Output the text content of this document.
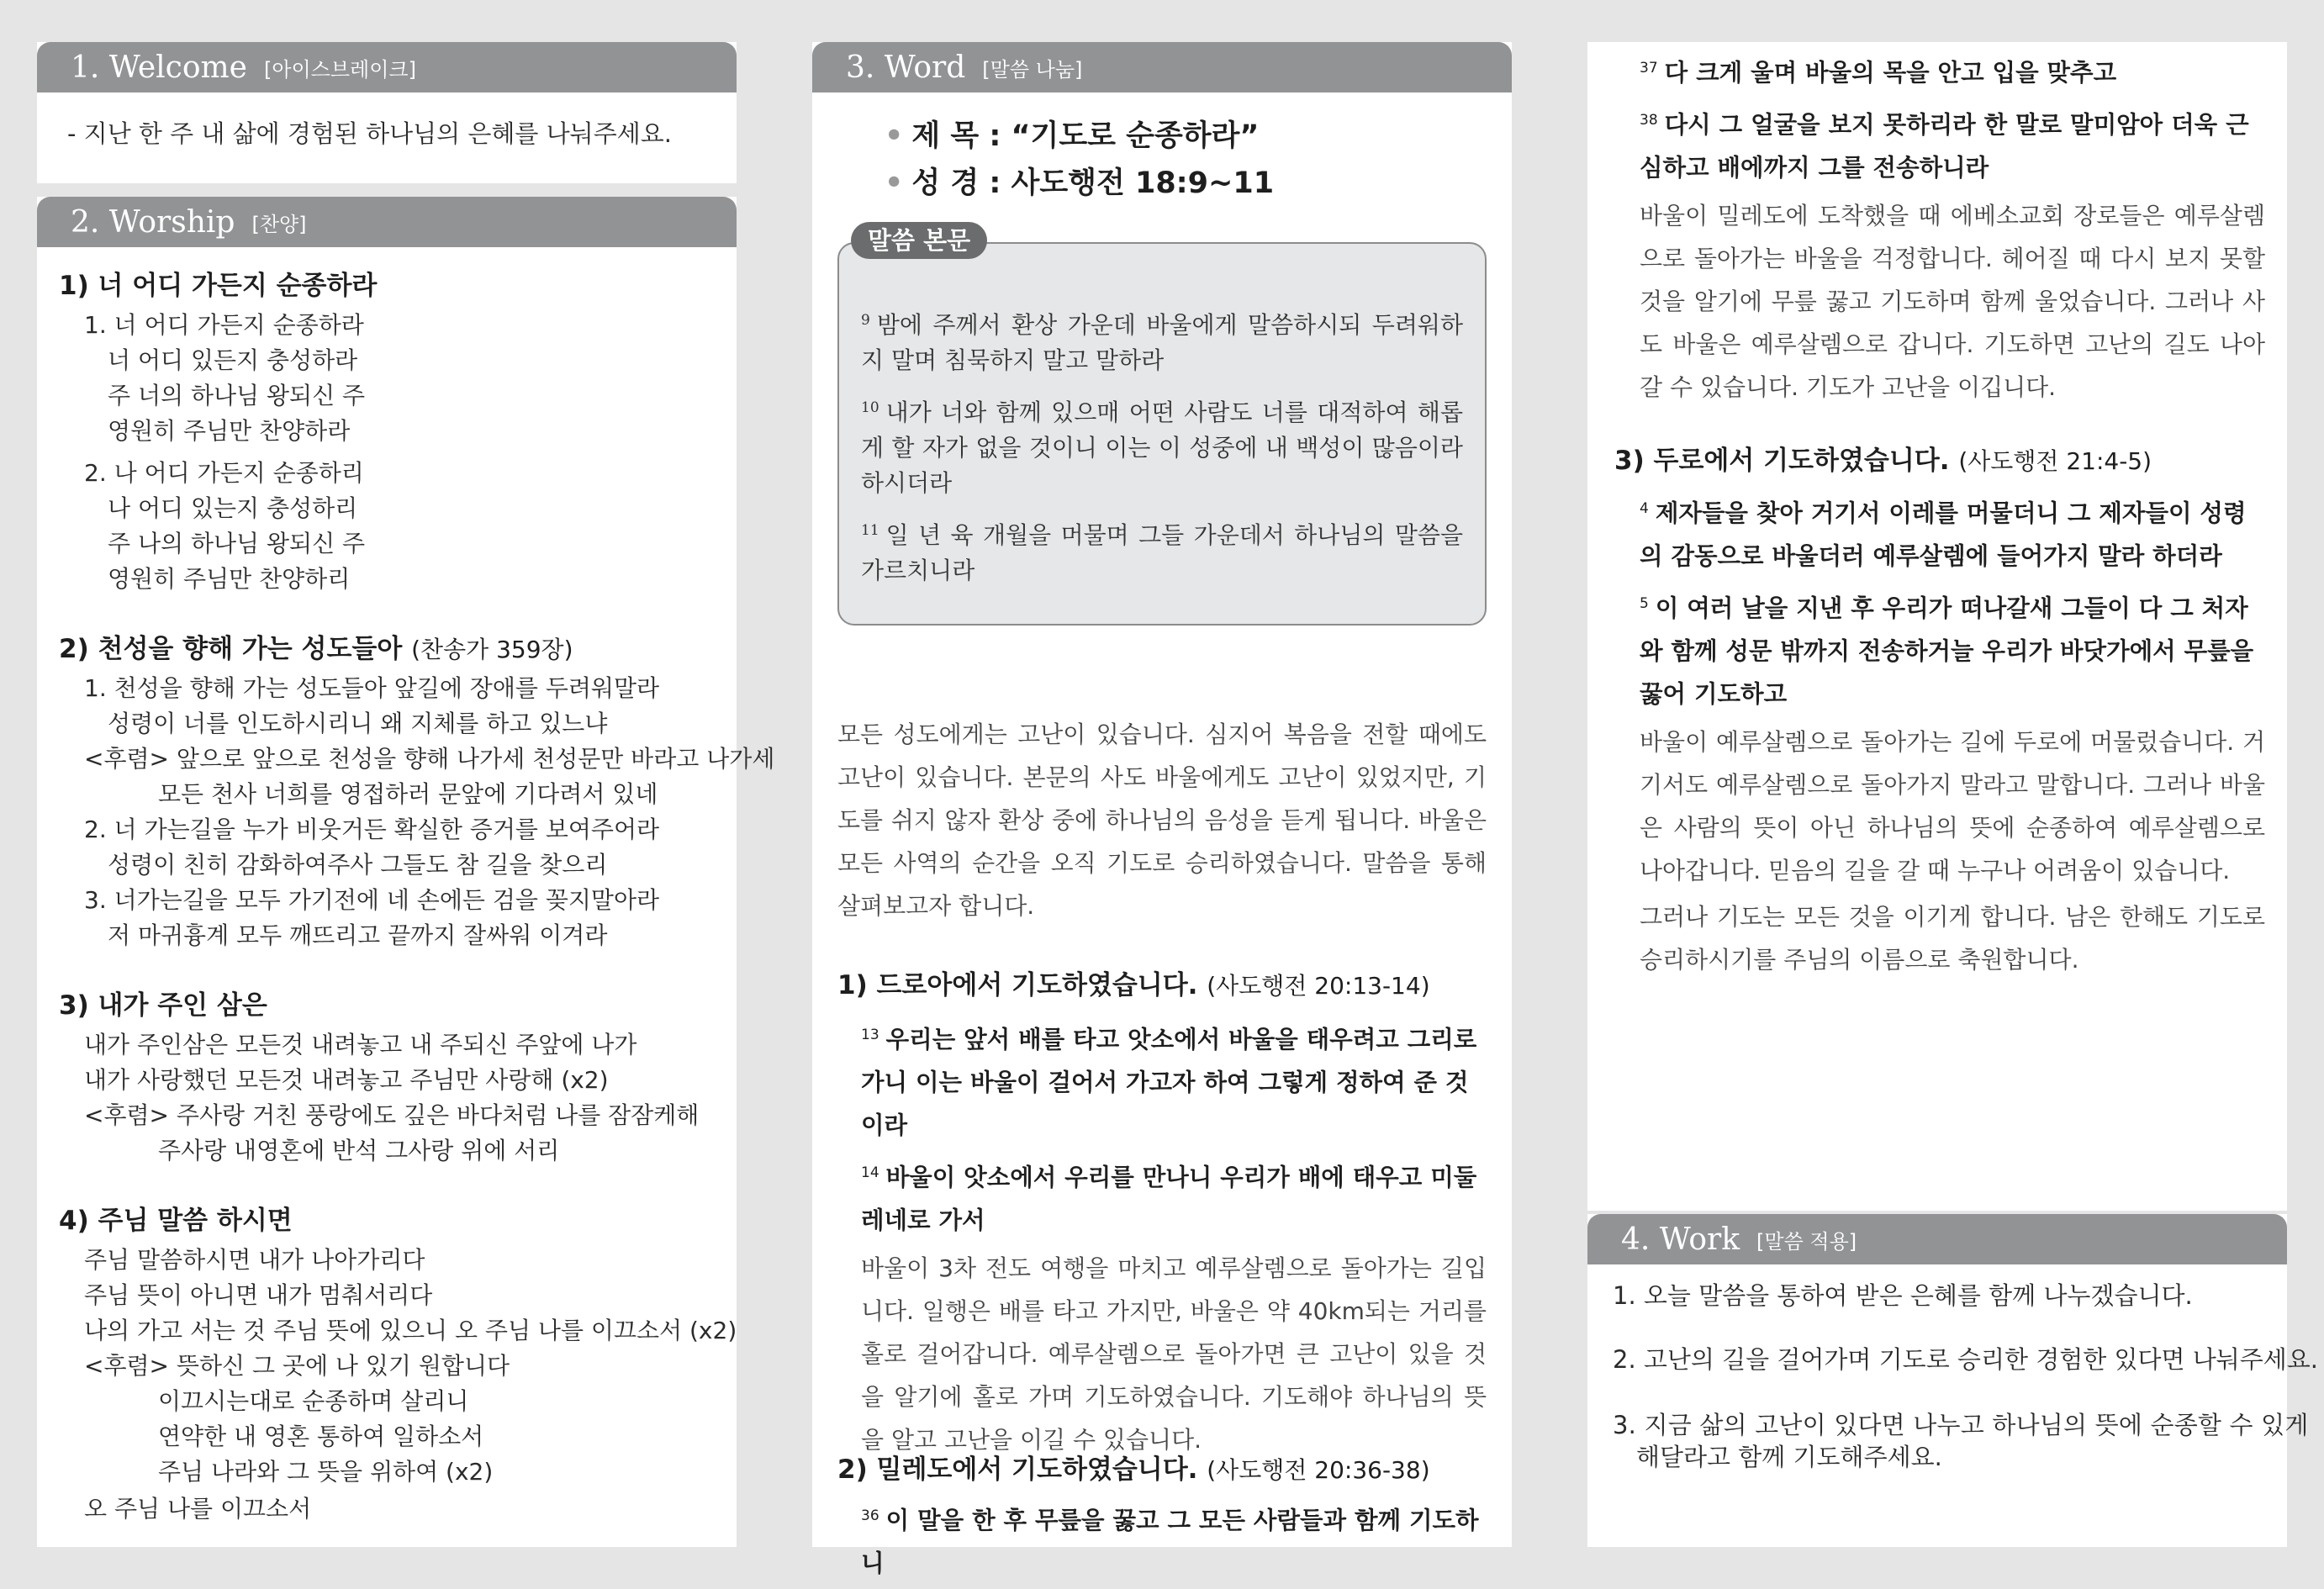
1. Welcome [아이스브레이크]
- 지난 한 주 내 삶에 경험된 하나님의 은혜를 나눠주세요.
2. Worship [찬양]
1) 너 어디 가든지 순종하라
1. 너 어디 가든지 순종하라
너 어디 있든지 충성하라
주 너의 하나님 왕되신 주
영원히 주님만 찬양하라
2. 나 어디 가든지 순종하리
나 어디 있는지 충성하리
주 나의 하나님 왕되신 주
영원히 주님만 찬양하리
2) 천성을 향해 가는 성도들아 (찬송가 359장)
1. 천성을 향해 가는 성도들아 앞길에 장애를 두려워말라
성령이 너를 인도하시리니 왜 지체를 하고 있느냐
<후렴> 앞으로 앞으로 천성을 향해 나가세 천성문만 바라고 나가세
모든 천사 너희를 영접하러 문앞에 기다려서 있네
2. 너 가는길을 누가 비웃거든 확실한 증거를 보여주어라
성령이 친히 감화하여주사 그들도 참 길을 찾으리
3. 너가는길을 모두 가기전에 네 손에든 검을 꽂지말아라
저 마귀흉계 모두 깨뜨리고 끝까지 잘싸워 이겨라
3) 내가 주인 삼은
내가 주인삼은 모든것 내려놓고 내 주되신 주앞에 나가
내가 사랑했던 모든것 내려놓고 주님만 사랑해 (x2)
<후렴> 주사랑 거친 풍랑에도 깊은 바다처럼 나를 잠잠케해
주사랑 내영혼에 반석 그사랑 위에 서리
4) 주님 말씀 하시면
주님 말씀하시면 내가 나아가리다
주님 뜻이 아니면 내가 멈춰서리다
나의 가고 서는 것 주님 뜻에 있으니 오 주님 나를 이끄소서 (x2)
<후렴> 뜻하신 그 곳에 나 있기 원합니다
이끄시는대로 순종하며 살리니
연약한 내 영혼 통하여 일하소서
주님 나라와 그 뜻을 위하여 (x2)
오 주님 나를 이끄소서
3. Word [말씀 나눔]
• 제 목 : “기도로 순종하라”
• 성 경 : 사도행전 18:9~11
말씀 본문

$^9$ 밤에 주께서 환상 가운데 바울에게 말씀하시되 두려워하지 말며 침묵하지 말고 말하라

$^{10}$ 내가 너와 함께 있으매 어떤 사람도 너를 대적하여 해롭게 할 자가 없을 것이니 이는 이 성중에 내 백성이 많음이라 하시더라

$^{11}$ 일 년 육 개월을 머물며 그들 가운데서 하나님의 말씀을 가르치니라

모든 성도에게는 고난이 있습니다. 심지어 복음을 전할 때에도 고난이 있습니다. 본문의 사도 바울에게도 고난이 있었지만, 기도를 쉬지 않자 환상 중에 하나님의 음성을 듣게 됩니다. 바울은 모든 사역의 순간을 오직 기도로 승리하였습니다. 말씀을 통해 살펴보고자 합니다.

1) 드로아에서 기도하였습니다. (사도행전 20:13-14)

$^{13}$ 우리는 앞서 배를 타고 앗소에서 바울을 태우려고 그리로 가니 이는 바울이 걸어서 가고자 하여 그렇게 정하여 준 것이라

$^{14}$ 바울이 앗소에서 우리를 만나니 우리가 배에 태우고 미둘레네로 가서

바울이 3차 전도 여행을 마치고 예루살렘으로 돌아가는 길입니다. 일행은 배를 타고 가지만, 바울은 약 40km되는 거리를 홀로 걸어갑니다. 예루살렘으로 돌아가면 큰 고난이 있을 것을 알기에 홀로 가며 기도하였습니다. 기도해야 하나님의 뜻을 알고 고난을 이길 수 있습니다.

2) 밀레도에서 기도하였습니다. (사도행전 20:36-38)

$^{36}$ 이 말을 한 후 무릎을 꿇고 그 모든 사람들과 함께 기도하니

$^{37}$ 다 크게 울며 바울의 목을 안고 입을 맞추고

$^{38}$ 다시 그 얼굴을 보지 못하리라 한 말로 말미암아 더욱 근심하고 배에까지 그를 전송하니라

바울이 밀레도에 도착했을 때 에베소교회 장로들은 예루살렘으로 돌아가는 바울을 걱정합니다. 헤어질 때 다시 보지 못할 것을 알기에 무릎 꿇고 기도하며 함께 울었습니다. 그러나 사도 바울은 예루살렘으로 갑니다. 기도하면 고난의 길도 나아갈 수 있습니다. 기도가 고난을 이깁니다.

3) 두로에서 기도하였습니다. (사도행전 21:4-5)

$^4$ 제자들을 찾아 거기서 이레를 머물더니 그 제자들이 성령의 감동으로 바울더러 예루살렘에 들어가지 말라 하더라

$^5$ 이 여러 날을 지낸 후 우리가 떠나갈새 그들이 다 그 처자와 함께 성문 밖까지 전송하거늘 우리가 바닷가에서 무릎을 꿇어 기도하고

바울이 예루살렘으로 돌아가는 길에 두로에 머물렀습니다. 거기서도 예루살렘으로 돌아가지 말라고 말합니다. 그러나 바울은 사람의 뜻이 아닌 하나님의 뜻에 순종하여 예루살렘으로 나아갑니다. 믿음의 길을 갈 때 누구나 어려움이 있습니다.

그러나 기도는 모든 것을 이기게 합니다. 남은 한해도 기도로 승리하시기를 주님의 이름으로 축원합니다.

4. Work [말씀 적용]
1. 오늘 말씀을 통하여 받은 은혜를 함께 나누겠습니다.
2. 고난의 길을 걸어가며 기도로 승리한 경험한 있다면 나눠주세요.
3. 지금 삶의 고난이 있다면 나누고 하나님의 뜻에 순종할 수 있게
해달라고 함께 기도해주세요.
